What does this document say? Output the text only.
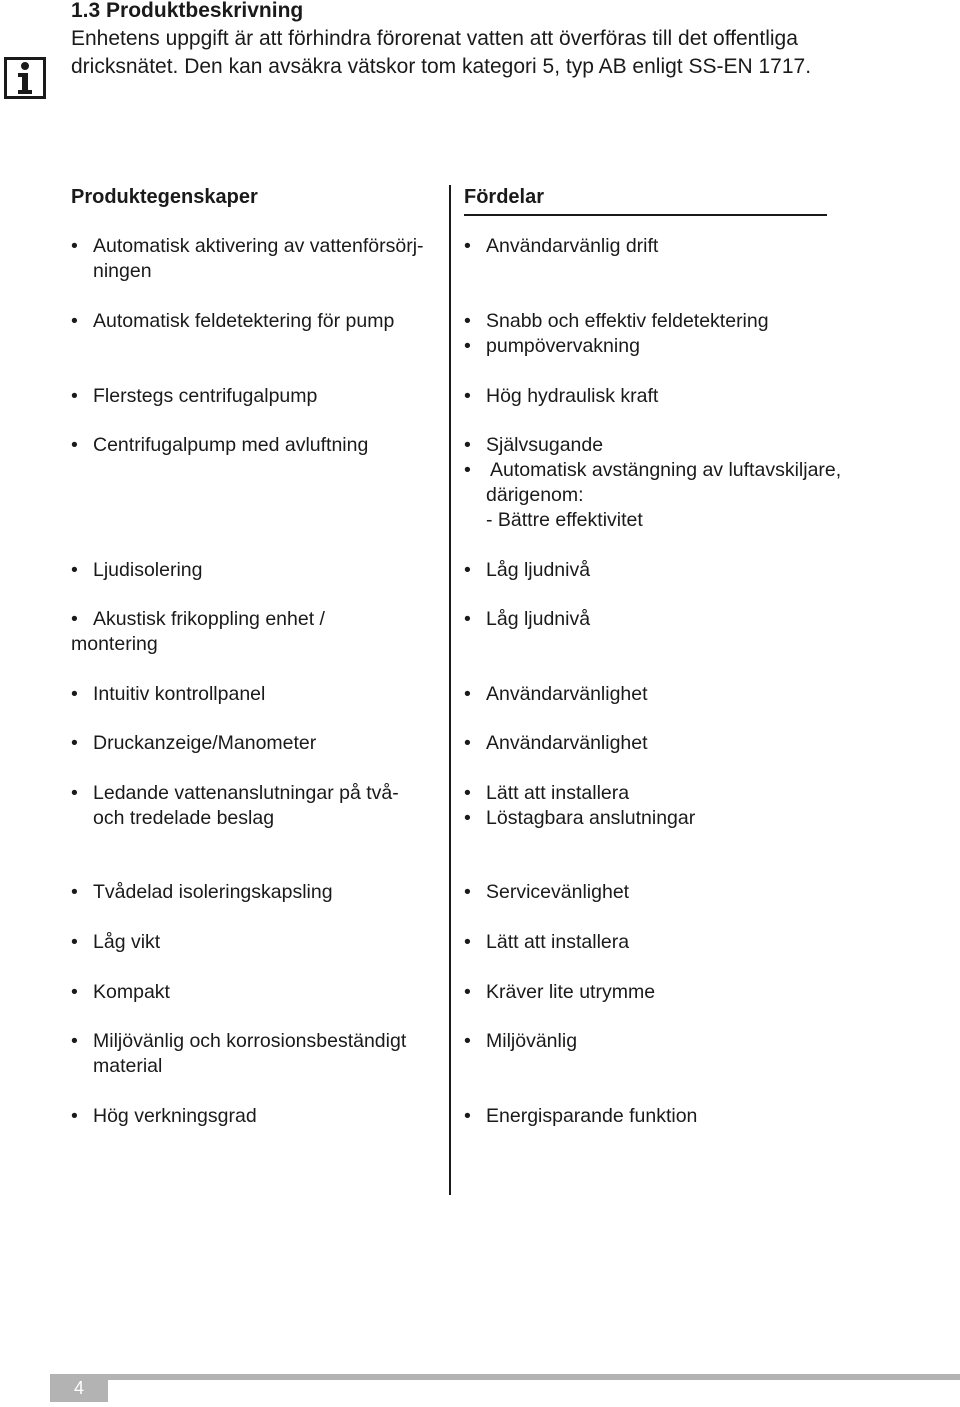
1.3 Produktbeskrivning
Enhetens uppgift är att förhindra förorenat vatten att överföras till det offentliga
dricksnätet. Den kan avsäkra vätskor tom kategori 5, typ AB enligt SS-EN 1717.
Produktegenskaper	Fördelar
• Automatisk aktivering av vattenförsörj-
ningen
• Automatisk feldetektering för pump
• Flerstegs centrifugalpump
• Centrifugalpump med avluftning
• Ljudisolering
• Akustisk frikoppling enhet /
montering
• Intuitiv kontrollpanel
• Druckanzeige/Manometer
• Ledande vattenanslutningar på två-
och tredelade beslag
• Tvådelad isoleringskapsling
• Låg vikt
• Kompakt
• Miljövänlig och korrosionsbeständigt
material
• Hög verkningsgrad
• Användarvänlig drift
• Snabb och effektiv feldetektering
• pumpövervakning
• Hög hydraulisk kraft
• Självsugande
• Automatisk avstängning av luftavskiljare,
därigenom:
- Bättre effektivitet
• Låg ljudnivå
• Låg ljudnivå
• Användarvänlighet
• Användarvänlighet
• Lätt att installera
• Löstagbara anslutningar
• Servicevänlighet
• Lätt att installera
• Kräver lite utrymme
• Miljövänlig
• Energisparande funktion
4
